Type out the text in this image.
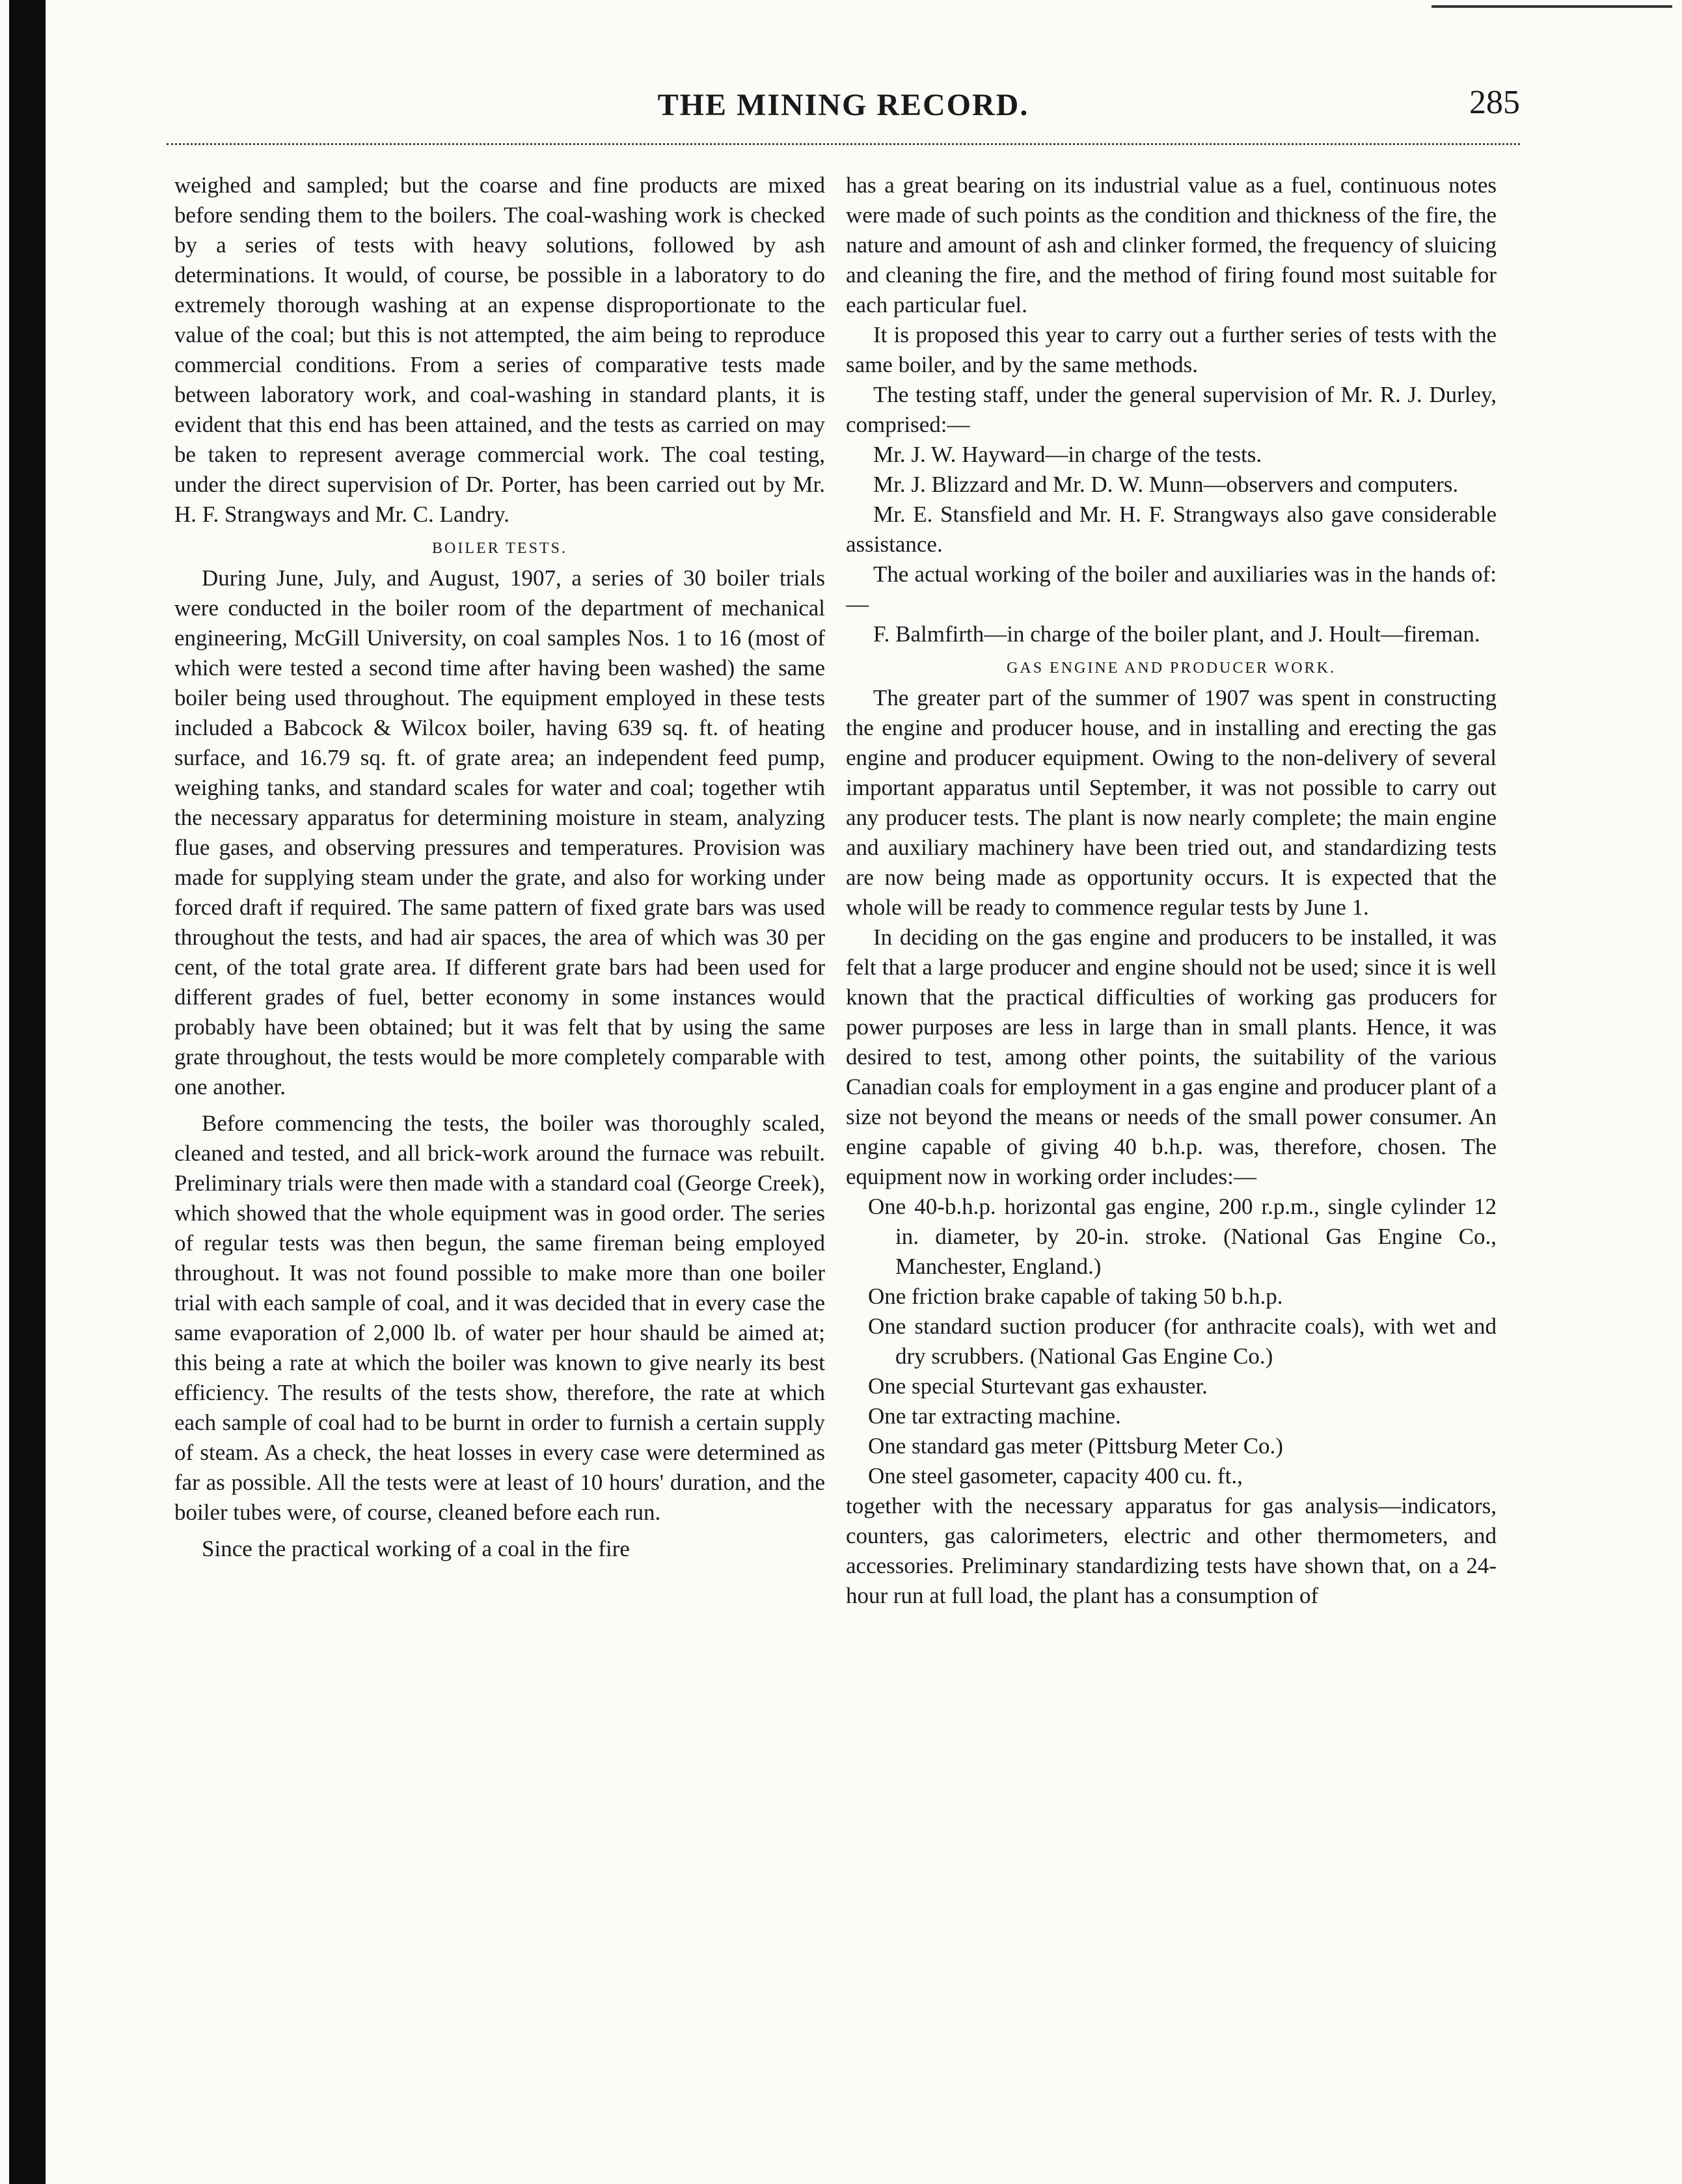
THE MINING RECORD.	285

weighed and sampled; but the coarse and fine products are mixed before sending them to the boilers. The coal-washing work is checked by a series of tests with heavy solutions, followed by ash determinations. It would, of course, be possible in a laboratory to do extremely thorough washing at an expense disproportionate to the value of the coal; but this is not attempted, the aim being to reproduce commercial conditions. From a series of comparative tests made between laboratory work, and coal-washing in standard plants, it is evident that this end has been attained, and the tests as carried on may be taken to represent average commercial work. The coal testing, under the direct supervision of Dr. Porter, has been carried out by Mr. H. F. Strangways and Mr. C. Landry.

BOILER TESTS.

During June, July, and August, 1907, a series of 30 boiler trials were conducted in the boiler room of the department of mechanical engineering, McGill University, on coal samples Nos. 1 to 16 (most of which were tested a second time after having been washed) the same boiler being used throughout. The equipment employed in these tests included a Babcock & Wilcox boiler, having 639 sq. ft. of heating surface, and 16.79 sq. ft. of grate area; an independent feed pump, weighing tanks, and standard scales for water and coal; together wtih the necessary apparatus for determining moisture in steam, analyzing flue gases, and observing pressures and temperatures. Provision was made for supplying steam under the grate, and also for working under forced draft if required. The same pattern of fixed grate bars was used throughout the tests, and had air spaces, the area of which was 30 per cent, of the total grate area. If different grate bars had been used for different grades of fuel, better economy in some instances would probably have been obtained; but it was felt that by using the same grate throughout, the tests would be more completely comparable with one another.

Before commencing the tests, the boiler was thoroughly scaled, cleaned and tested, and all brick-work around the furnace was rebuilt. Preliminary trials were then made with a standard coal (George Creek), which showed that the whole equipment was in good order. The series of regular tests was then begun, the same fireman being employed throughout. It was not found possible to make more than one boiler trial with each sample of coal, and it was decided that in every case the same evaporation of 2,000 lb. of water per hour shauld be aimed at; this being a rate at which the boiler was known to give nearly its best efficiency. The results of the tests show, therefore, the rate at which each sample of coal had to be burnt in order to furnish a certain supply of steam. As a check, the heat losses in every case were determined as far as possible. All the tests were at least of 10 hours' duration, and the boiler tubes were, of course, cleaned before each run.

Since the practical working of a coal in the fire

has a great bearing on its industrial value as a fuel, continuous notes were made of such points as the condition and thickness of the fire, the nature and amount of ash and clinker formed, the frequency of sluicing and cleaning the fire, and the method of firing found most suitable for each particular fuel.

It is proposed this year to carry out a further series of tests with the same boiler, and by the same methods.

The testing staff, under the general supervision of Mr. R. J. Durley, comprised:—

Mr. J. W. Hayward—in charge of the tests.

Mr. J. Blizzard and Mr. D. W. Munn—observers and computers.

Mr. E. Stansfield and Mr. H. F. Strangways also gave considerable assistance.

The actual working of the boiler and auxiliaries was in the hands of:—

F. Balmfirth—in charge of the boiler plant, and J. Hoult—fireman.

GAS ENGINE AND PRODUCER WORK.

The greater part of the summer of 1907 was spent in constructing the engine and producer house, and in installing and erecting the gas engine and producer equipment. Owing to the non-delivery of several important apparatus until September, it was not possible to carry out any producer tests. The plant is now nearly complete; the main engine and auxiliary machinery have been tried out, and standardizing tests are now being made as opportunity occurs. It is expected that the whole will be ready to commence regular tests by June 1.

In deciding on the gas engine and producers to be installed, it was felt that a large producer and engine should not be used; since it is well known that the practical difficulties of working gas producers for power purposes are less in large than in small plants. Hence, it was desired to test, among other points, the suitability of the various Canadian coals for employment in a gas engine and producer plant of a size not beyond the means or needs of the small power consumer. An engine capable of giving 40 b.h.p. was, therefore, chosen. The equipment now in working order includes:—

One 40-b.h.p. horizontal gas engine, 200 r.p.m., single cylinder 12 in. diameter, by 20-in. stroke. (National Gas Engine Co., Manchester, England.)
One friction brake capable of taking 50 b.h.p.
One standard suction producer (for anthracite coals), with wet and dry scrubbers. (National Gas Engine Co.)
One special Sturtevant gas exhauster.
One tar extracting machine.
One standard gas meter (Pittsburg Meter Co.)
One steel gasometer, capacity 400 cu. ft.,

together with the necessary apparatus for gas analysis—indicators, counters, gas calorimeters, electric and other thermometers, and accessories. Preliminary standardizing tests have shown that, on a 24-hour run at full load, the plant has a consumption of
